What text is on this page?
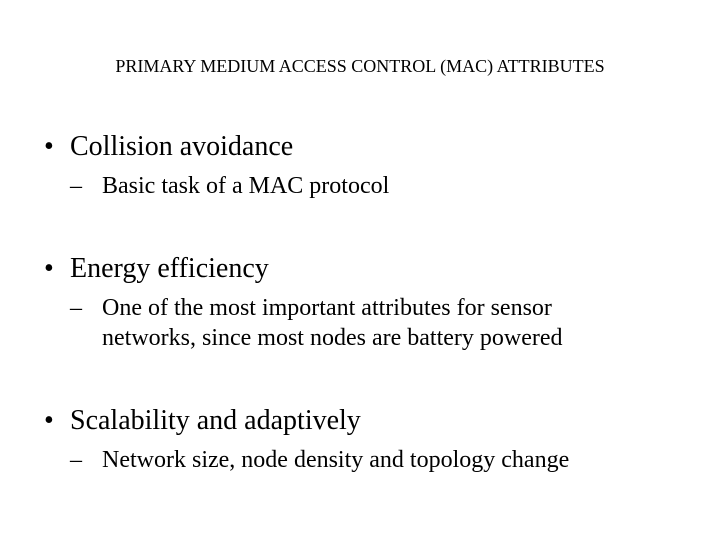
PRIMARY MEDIUM ACCESS CONTROL (MAC) ATTRIBUTES
• Collision avoidance
– Basic task of a MAC protocol
• Energy efficiency
– One of the most important attributes for sensor
networks, since most nodes are battery powered
• Scalability and adaptively
– Network size, node density and topology change
